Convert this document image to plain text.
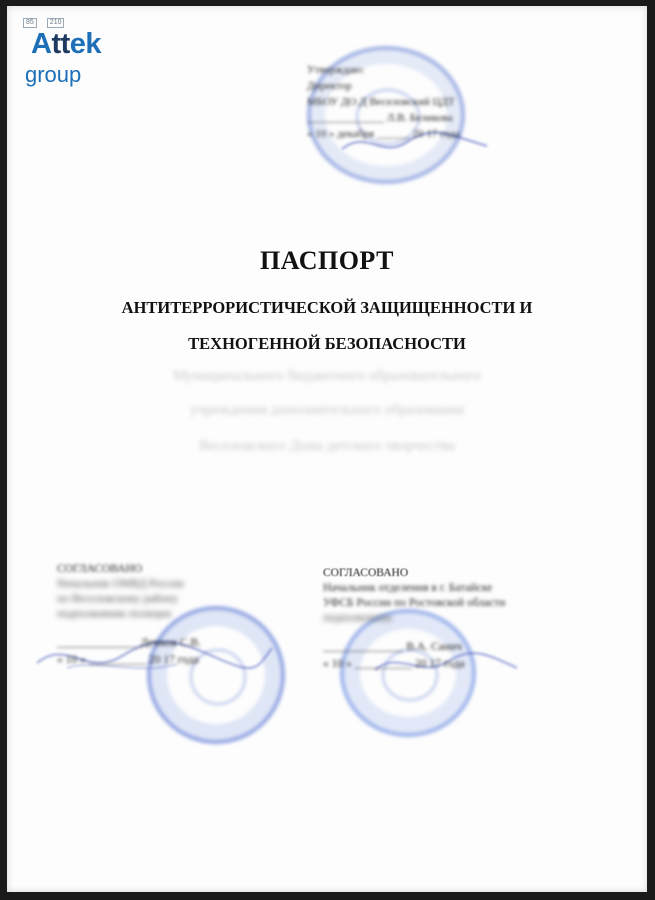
85 210
Attek
group	Утверждаю:
Директор
МБОУ ДО Д Веселовский ЦДТ
______________ Л.В. Беликова
« 10 » декабря ______ 20 17 года
ПАСПОРТ
АНТИТЕРРОРИСТИЧЕСКОЙ ЗАЩИЩЕННОСТИ И
ТЕХНОГЕННОЙ БЕЗОПАСНОСТИ
Муниципального бюджетного образовательного
учреждения дополнительного образования
Веселовского Дома детского творчества
СОГЛАСОВАНО
Начальник ОМВД России
по Веселовскому району
подполковник полиции
______________ Демков С.В.
« 10 » __________ 20 17 года
СОГЛАСОВАНО
Начальник отделения в г. Батайске
УФСБ России по Ростовской области
подполковник
______________ В.А. Санич
« 10 » __________ 20 17 года
